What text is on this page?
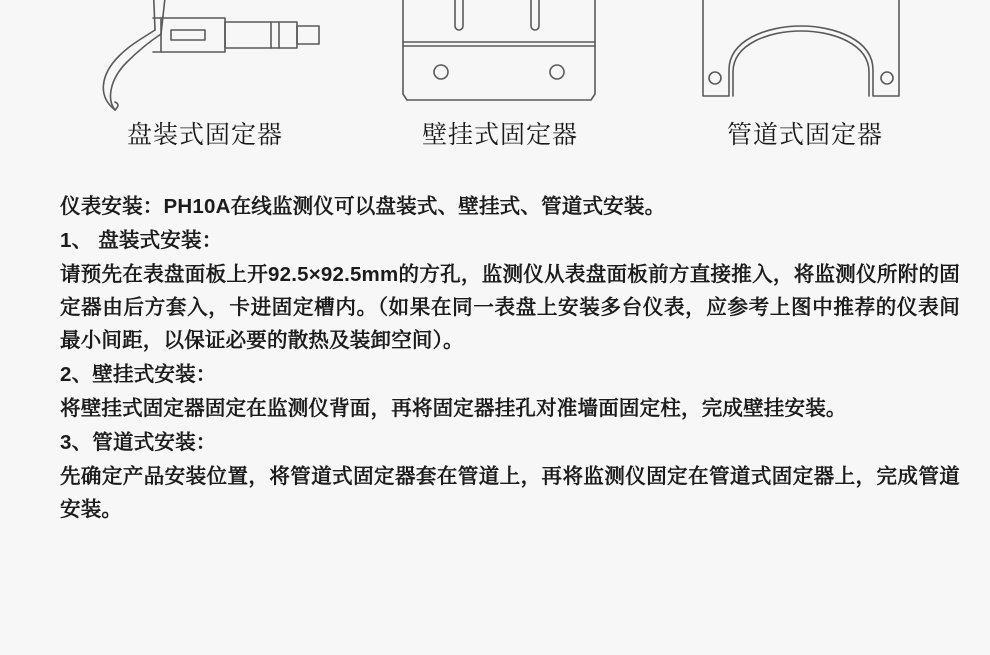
盘装式固定器	壁挂式固定器	管道式固定器

仪表安装：PH10A在线监测仪可以盘装式、壁挂式、管道式安装。

1、 盘装式安装：

请预先在表盘面板上开92.5×92.5mm的方孔，监测仪从表盘面板前方直接推入，将监测仪所附的固定器由后方套入，卡进固定槽内。（如果在同一表盘上安装多台仪表，应参考上图中推荐的仪表间最小间距，以保证必要的散热及装卸空间）。

2、壁挂式安装：

将壁挂式固定器固定在监测仪背面，再将固定器挂孔对准墙面固定柱，完成壁挂安装。

3、管道式安装：

先确定产品安装位置，将管道式固定器套在管道上，再将监测仪固定在管道式固定器上，完成管道安装。
